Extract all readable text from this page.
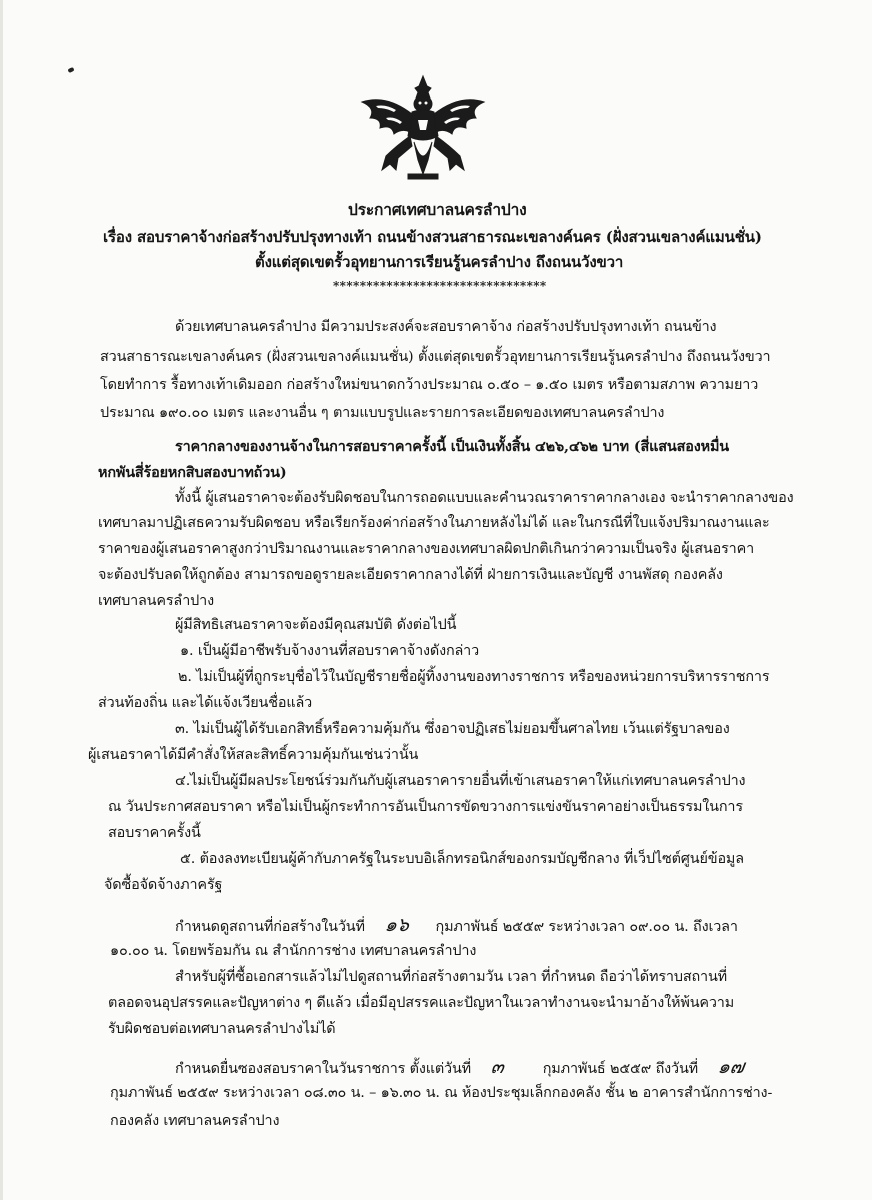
ประกาศเทศบาลนครลำปาง
เรื่อง สอบราคาจ้างก่อสร้างปรับปรุงทางเท้า ถนนข้างสวนสาธารณะเขลางค์นคร (ฝั่งสวนเขลางค์แมนชั่น)
ตั้งแต่สุดเขตรั้วอุทยานการเรียนรู้นครลำปาง ถึงถนนวังขวา
********************************
ด้วยเทศบาลนครลำปาง มีความประสงค์จะสอบราคาจ้าง ก่อสร้างปรับปรุงทางเท้า ถนนข้าง
สวนสาธารณะเขลางค์นคร (ฝั่งสวนเขลางค์แมนชั่น) ตั้งแต่สุดเขตรั้วอุทยานการเรียนรู้นครลำปาง ถึงถนนวังขวา
โดยทำการ รื้อทางเท้าเดิมออก ก่อสร้างใหม่ขนาดกว้างประมาณ ๐.๕๐ – ๑.๕๐ เมตร หรือตามสภาพ ความยาว
ประมาณ ๑๙๐.๐๐ เมตร และงานอื่น ๆ ตามแบบรูปและรายการละเอียดของเทศบาลนครลำปาง
ราคากลางของงานจ้างในการสอบราคาครั้งนี้ เป็นเงินทั้งสิ้น ๔๒๖,๔๖๒ บาท (สี่แสนสองหมื่น
หกพันสี่ร้อยหกสิบสองบาทถ้วน)
ทั้งนี้ ผู้เสนอราคาจะต้องรับผิดชอบในการถอดแบบและคำนวณราคาราคากลางเอง จะนำราคากลางของ
เทศบาลมาปฏิเสธความรับผิดชอบ หรือเรียกร้องค่าก่อสร้างในภายหลังไม่ได้ และในกรณีที่ใบแจ้งปริมาณงานและ
ราคาของผู้เสนอราคาสูงกว่าปริมาณงานและราคากลางของเทศบาลผิดปกติเกินกว่าความเป็นจริง ผู้เสนอราคา
จะต้องปรับลดให้ถูกต้อง สามารถขอดูรายละเอียดราคากลางได้ที่ ฝ่ายการเงินและบัญชี งานพัสดุ กองคลัง
เทศบาลนครลำปาง
ผู้มีสิทธิเสนอราคาจะต้องมีคุณสมบัติ ดังต่อไปนี้
๑. เป็นผู้มีอาชีพรับจ้างงานที่สอบราคาจ้างดังกล่าว
๒. ไม่เป็นผู้ที่ถูกระบุชื่อไว้ในบัญชีรายชื่อผู้ทิ้งงานของทางราชการ หรือของหน่วยการบริหารราชการ
ส่วนท้องถิ่น และได้แจ้งเวียนชื่อแล้ว
๓. ไม่เป็นผู้ได้รับเอกสิทธิ์หรือความคุ้มกัน ซึ่งอาจปฏิเสธไม่ยอมขึ้นศาลไทย เว้นแต่รัฐบาลของ
ผู้เสนอราคาได้มีคำสั่งให้สละสิทธิ์ความคุ้มกันเช่นว่านั้น
๔.ไม่เป็นผู้มีผลประโยชน์ร่วมกันกับผู้เสนอราคารายอื่นที่เข้าเสนอราคาให้แก่เทศบาลนครลำปาง
ณ วันประกาศสอบราคา หรือไม่เป็นผู้กระทำการอันเป็นการขัดขวางการแข่งขันราคาอย่างเป็นธรรมในการ
สอบราคาครั้งนี้
๕. ต้องลงทะเบียนผู้ค้ากับภาครัฐในระบบอิเล็กทรอนิกส์ของกรมบัญชีกลาง ที่เว็ปไซต์ศูนย์ข้อมูล
จัดซื้อจัดจ้างภาครัฐ
กำหนดดูสถานที่ก่อสร้างในวันที่ ๑๖ กุมภาพันธ์ ๒๕๕๙ ระหว่างเวลา ๐๙.๐๐ น. ถึงเวลา
๑๐.๐๐ น. โดยพร้อมกัน ณ สำนักการช่าง เทศบาลนครลำปาง
สำหรับผู้ที่ซื้อเอกสารแล้วไม่ไปดูสถานที่ก่อสร้างตามวัน เวลา ที่กำหนด ถือว่าได้ทราบสถานที่
ตลอดจนอุปสรรคและปัญหาต่าง ๆ ดีแล้ว เมื่อมีอุปสรรคและปัญหาในเวลาทำงานจะนำมาอ้างให้พ้นความ
รับผิดชอบต่อเทศบาลนครลำปางไม่ได้
กำหนดยื่นซองสอบราคาในวันราชการ ตั้งแต่วันที่ ๓	กุมภาพันธ์ ๒๕๕๙ ถึงวันที่ ๑๗
กุมภาพันธ์ ๒๕๕๙ ระหว่างเวลา ๐๘.๓๐ น. – ๑๖.๓๐ น. ณ ห้องประชุมเล็กกองคลัง ชั้น ๒ อาคารสำนักการช่าง-
กองคลัง เทศบาลนครลำปาง
